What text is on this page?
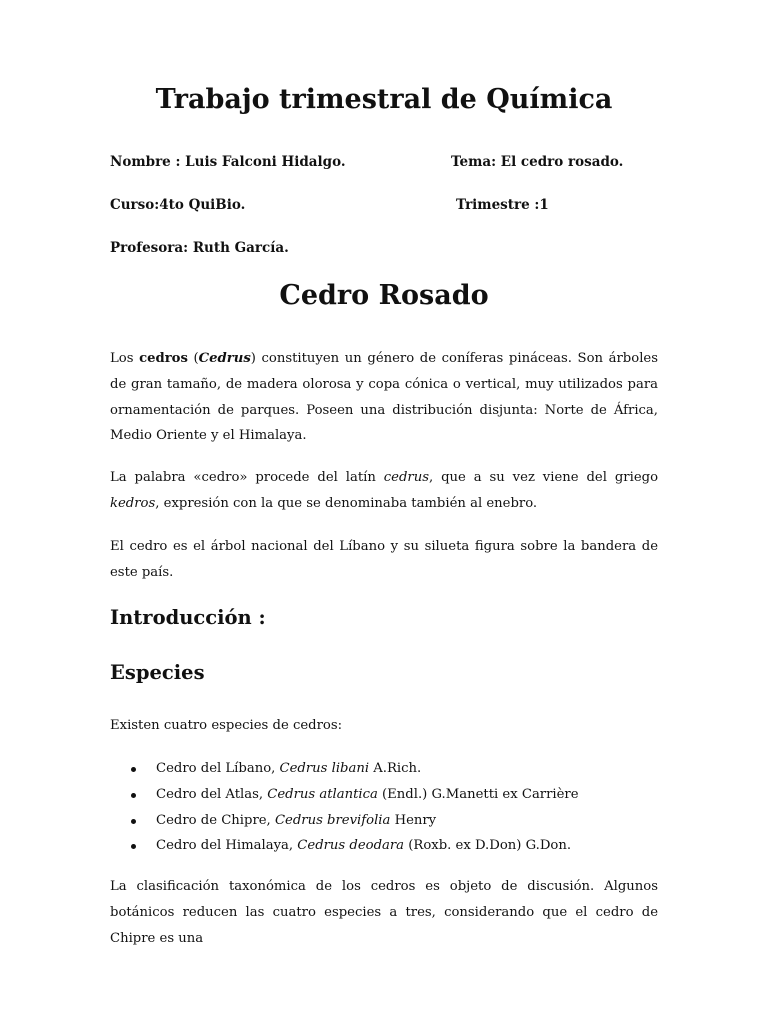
Trabajo trimestral de Química
Nombre : Luis Falconi Hidalgo.	Tema: El cedro rosado.
Curso:4to QuiBio.	Trimestre :1
Profesora: Ruth García.
Cedro Rosado

Los cedros (Cedrus) constituyen un género de coníferas pináceas. Son árboles de gran tamaño, de madera olorosa y copa cónica o vertical, muy utilizados para ornamentación de parques. Poseen una distribución disjunta: Norte de África, Medio Oriente y el Himalaya.

La palabra «cedro» procede del latín cedrus, que a su vez viene del griego kedros, expresión con la que se denominaba también al enebro.

El cedro es el árbol nacional del Líbano y su silueta figura sobre la bandera de este país.

Introducción :
Especies

Existen cuatro especies de cedros:

Cedro del Líbano, Cedrus libani A.Rich.
Cedro del Atlas, Cedrus atlantica (Endl.) G.Manetti ex Carrière
Cedro de Chipre, Cedrus brevifolia Henry
Cedro del Himalaya, Cedrus deodara (Roxb. ex D.Don) G.Don.

La clasificación taxonómica de los cedros es objeto de discusión. Algunos botánicos reducen las cuatro especies a tres, considerando que el cedro de Chipre es una
